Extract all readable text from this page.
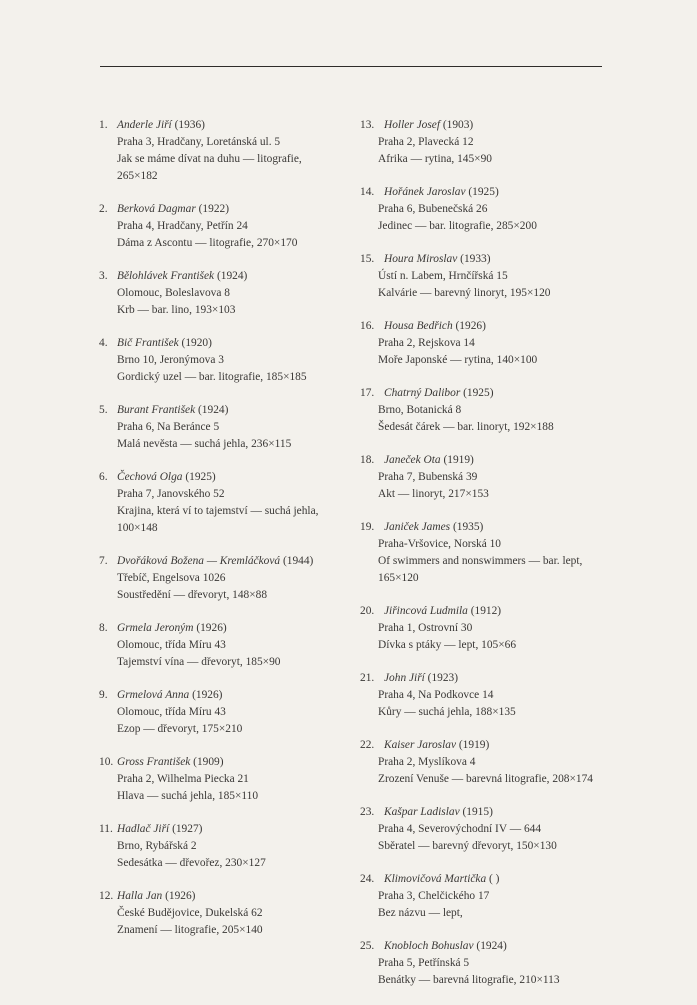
1. Anderle Jiří (1936)
Praha 3, Hradčany, Loretánská ul. 5
Jak se máme dívat na duhu — litografie, 265×182
2. Berková Dagmar (1922)
Praha 4, Hradčany, Petřín 24
Dáma z Ascontu — litografie, 270×170
3. Bělohlávek František (1924)
Olomouc, Boleslavova 8
Krb — bar. lino, 193×103
4. Bič František (1920)
Brno 10, Jeronýmova 3
Gordický uzel — bar. litografie, 185×185
5. Burant František (1924)
Praha 6, Na Beránce 5
Malá nevěsta — suchá jehla, 236×115
6. Čechová Olga (1925)
Praha 7, Janovského 52
Krajina, která ví to tajemství — suchá jehla, 100×148
7. Dvořáková Božena — Kremláčková (1944)
Třebíč, Engelsova 1026
Soustředění — dřevoryt, 148×88
8. Grmela Jeroným (1926)
Olomouc, třída Míru 43
Tajemství vína — dřevoryt, 185×90
9. Grmelová Anna (1926)
Olomouc, třída Míru 43
Ezop — dřevoryt, 175×210
10. Gross František (1909)
Praha 2, Wilhelma Piecka 21
Hlava — suchá jehla, 185×110
11. Hadlač Jiří (1927)
Brno, Rybářská 2
Sedesátka — dřevořez, 230×127
12. Halla Jan (1926)
České Budějovice, Dukelská 62
Znamení — litografie, 205×140
13. Holler Josef (1903)
Praha 2, Plavecká 12
Afrika — rytina, 145×90
14. Hořánek Jaroslav (1925)
Praha 6, Bubenečská 26
Jedinec — bar. litografie, 285×200
15. Houra Miroslav (1933)
Ústí n. Labem, Hrnčířská 15
Kalvárie — barevný linoryt, 195×120
16. Housa Bedřich (1926)
Praha 2, Rejskova 14
Moře Japonské — rytina, 140×100
17. Chatrný Dalibor (1925)
Brno, Botanická 8
Šedesát čárek — bar. linoryt, 192×188
18. Janeček Ota (1919)
Praha 7, Bubenská 39
Akt — linoryt, 217×153
19. Janiček James (1935)
Praha-Vršovice, Norská 10
Of swimmers and nonswimmers — bar. lept, 165×120
20. Jiřincová Ludmila (1912)
Praha 1, Ostrovní 30
Dívka s ptáky — lept, 105×66
21. John Jiří (1923)
Praha 4, Na Podkovce 14
Kůry — suchá jehla, 188×135
22. Kaiser Jaroslav (1919)
Praha 2, Myslíkova 4
Zrození Venuše — barevná litografie, 208×174
23. Kašpar Ladislav (1915)
Praha 4, Severovýchodní IV — 644
Sběratel — barevný dřevoryt, 150×130
24. Klimovičová Martička ( )
Praha 3, Chelčického 17
Bez názvu — lept,
25. Knobloch Bohuslav (1924)
Praha 5, Petřínská 5
Benátky — barevná litografie, 210×113
